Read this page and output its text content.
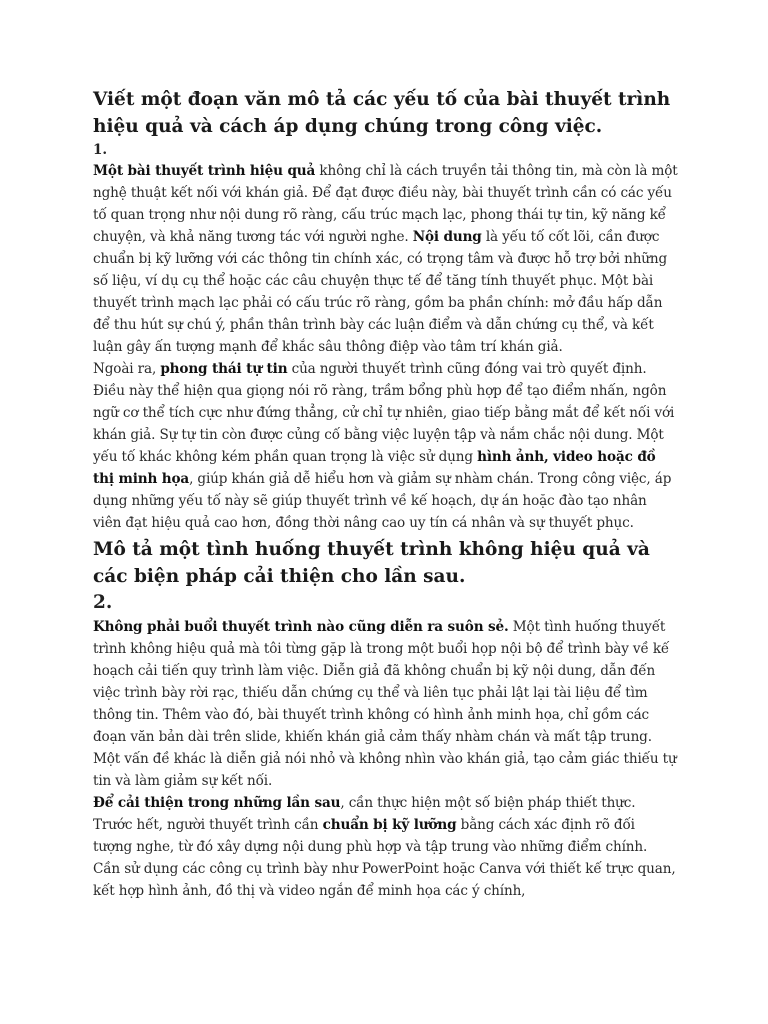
Viết một đoạn văn mô tả các yếu tố của bài thuyết trình hiệu quả và cách áp dụng chúng trong công việc.
1.

Một bài thuyết trình hiệu quả không chỉ là cách truyền tải thông tin, mà còn là một nghệ thuật kết nối với khán giả. Để đạt được điều này, bài thuyết trình cần có các yếu tố quan trọng như nội dung rõ ràng, cấu trúc mạch lạc, phong thái tự tin, kỹ năng kể chuyện, và khả năng tương tác với người nghe. Nội dung là yếu tố cốt lõi, cần được chuẩn bị kỹ lưỡng với các thông tin chính xác, có trọng tâm và được hỗ trợ bởi những số liệu, ví dụ cụ thể hoặc các câu chuyện thực tế để tăng tính thuyết phục. Một bài thuyết trình mạch lạc phải có cấu trúc rõ ràng, gồm ba phần chính: mở đầu hấp dẫn để thu hút sự chú ý, phần thân trình bày các luận điểm và dẫn chứng cụ thể, và kết luận gây ấn tượng mạnh để khắc sâu thông điệp vào tâm trí khán giả.

Ngoài ra, phong thái tự tin của người thuyết trình cũng đóng vai trò quyết định. Điều này thể hiện qua giọng nói rõ ràng, trầm bổng phù hợp để tạo điểm nhấn, ngôn ngữ cơ thể tích cực như đứng thẳng, cử chỉ tự nhiên, giao tiếp bằng mắt để kết nối với khán giả. Sự tự tin còn được củng cố bằng việc luyện tập và nắm chắc nội dung. Một yếu tố khác không kém phần quan trọng là việc sử dụng hình ảnh, video hoặc đồ thị minh họa, giúp khán giả dễ hiểu hơn và giảm sự nhàm chán. Trong công việc, áp dụng những yếu tố này sẽ giúp thuyết trình về kế hoạch, dự án hoặc đào tạo nhân viên đạt hiệu quả cao hơn, đồng thời nâng cao uy tín cá nhân và sự thuyết phục.

Mô tả một tình huống thuyết trình không hiệu quả và các biện pháp cải thiện cho lần sau.
2.

Không phải buổi thuyết trình nào cũng diễn ra suôn sẻ. Một tình huống thuyết trình không hiệu quả mà tôi từng gặp là trong một buổi họp nội bộ để trình bày về kế hoạch cải tiến quy trình làm việc. Diễn giả đã không chuẩn bị kỹ nội dung, dẫn đến việc trình bày rời rạc, thiếu dẫn chứng cụ thể và liên tục phải lật lại tài liệu để tìm thông tin. Thêm vào đó, bài thuyết trình không có hình ảnh minh họa, chỉ gồm các đoạn văn bản dài trên slide, khiến khán giả cảm thấy nhàm chán và mất tập trung. Một vấn đề khác là diễn giả nói nhỏ và không nhìn vào khán giả, tạo cảm giác thiếu tự tin và làm giảm sự kết nối.

Để cải thiện trong những lần sau, cần thực hiện một số biện pháp thiết thực. Trước hết, người thuyết trình cần chuẩn bị kỹ lưỡng bằng cách xác định rõ đối tượng nghe, từ đó xây dựng nội dung phù hợp và tập trung vào những điểm chính. Cần sử dụng các công cụ trình bày như PowerPoint hoặc Canva với thiết kế trực quan, kết hợp hình ảnh, đồ thị và video ngắn để minh họa các ý chính,
